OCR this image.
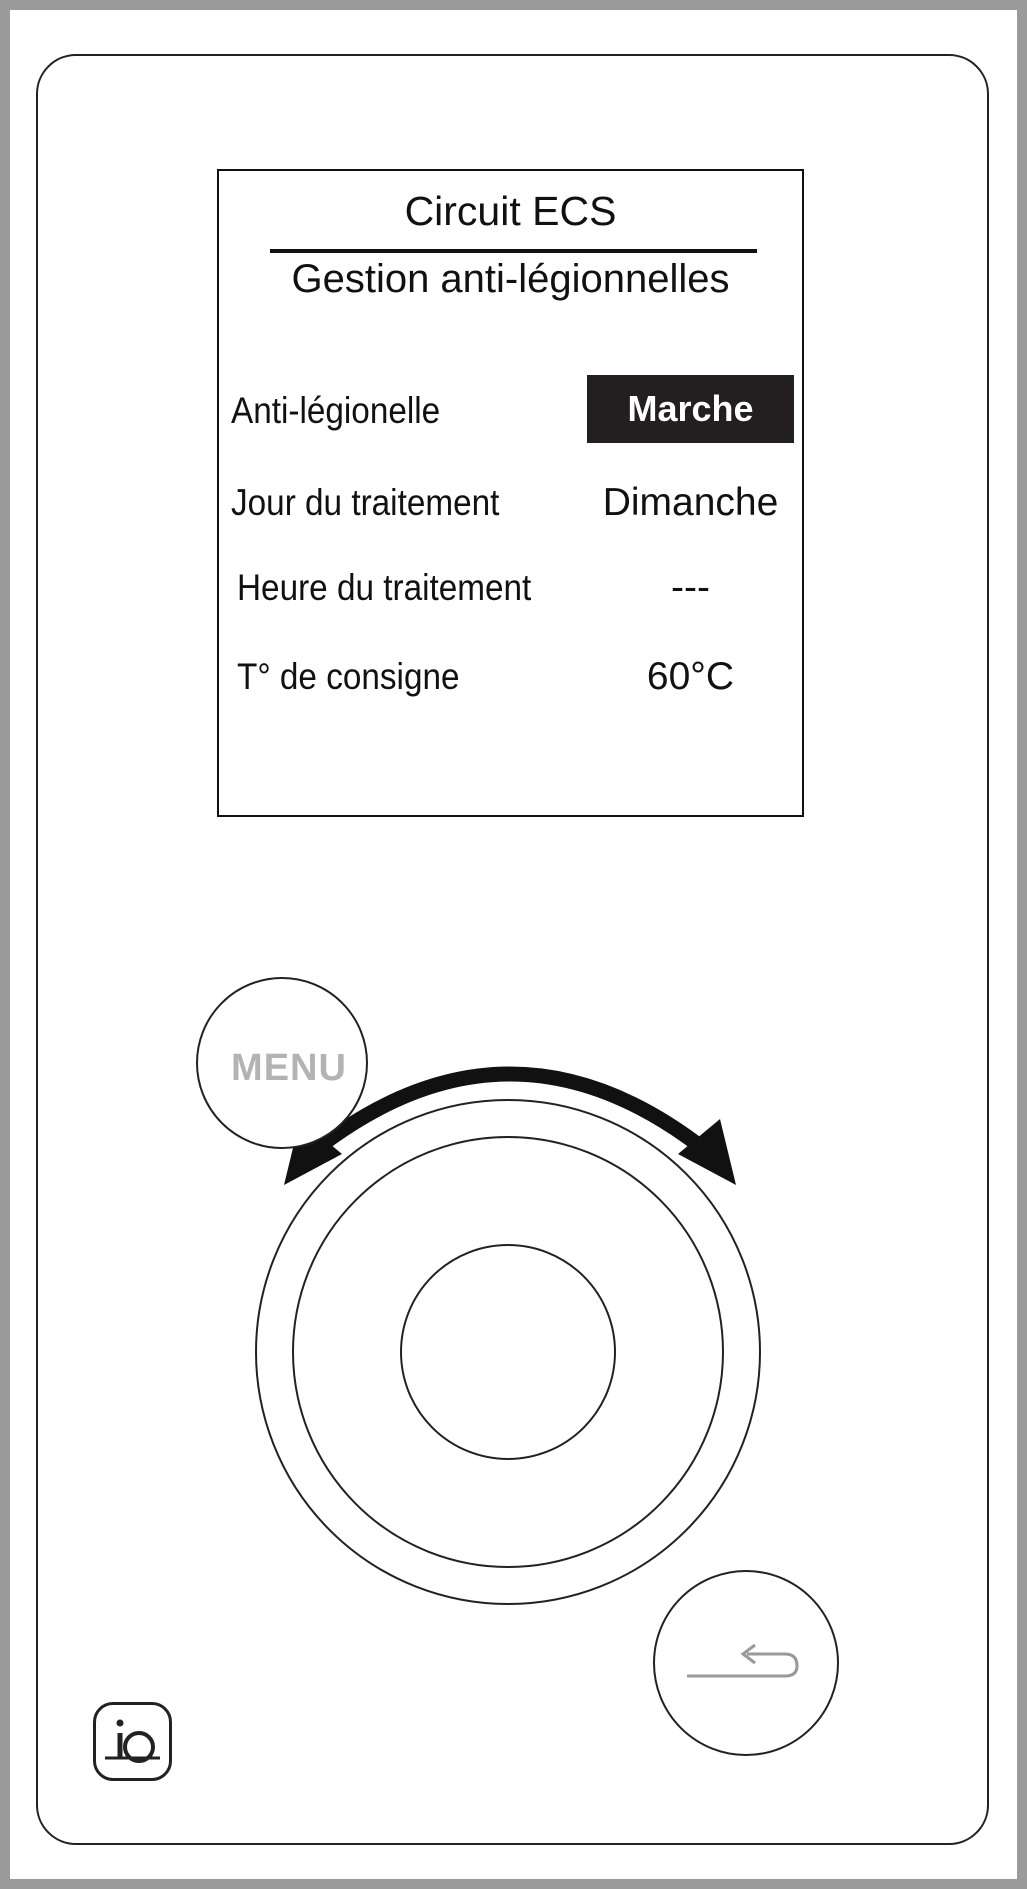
Circuit ECS
Gestion anti-légionnelles
Anti-légionelle	Marche
Jour du traitement	Dimanche
Heure du traitement	---
T° de consigne	60°C
MENU
